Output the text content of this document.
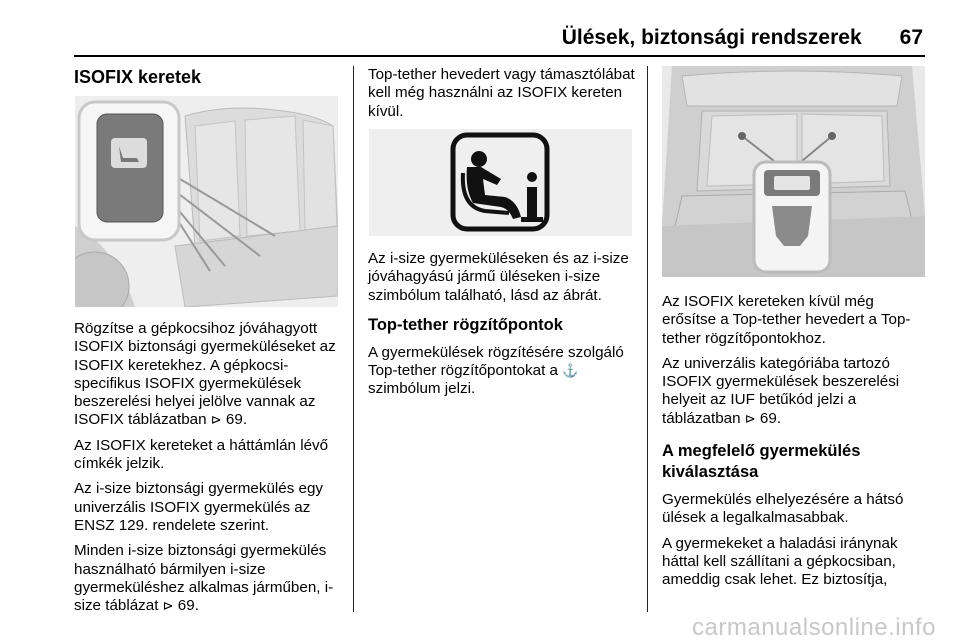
Ülések, biztonsági rendszerek 67
ISOFIX keretek

Rögzítse a gépkocsihoz jóváhagyott ISOFIX biztonsági gyermeküléseket az ISOFIX keretekhez. A gépkocsi-specifikus ISOFIX gyermekülések beszerelési helyei jelölve vannak az ISOFIX táblázatban ⊳ 69.

Az ISOFIX kereteket a háttámlán lévő címkék jelzik.

Az i-size biztonsági gyermekülés egy univerzális ISOFIX gyermekülés az ENSZ 129. rendelete szerint.

Minden i-size biztonsági gyermekülés használható bármilyen i-size gyermeküléshez alkalmas járműben, i-size táblázat ⊳ 69.

Top-tether hevedert vagy támasztólábat kell még használni az ISOFIX kereten kívül.

Az i-size gyermeküléseken és az i-size jóváhagyású jármű üléseken i-size szimbólum található, lásd az ábrát.

Top-tether rögzítőpontok

A gyermekülések rögzítésére szolgáló Top-tether rögzítőpontokat a ⚓ szimbólum jelzi.

Az ISOFIX kereteken kívül még erősítse a Top-tether hevedert a Top-tether rögzítőpontokhoz.

Az univerzális kategóriába tartozó ISOFIX gyermekülések beszerelési helyeit az IUF betűkód jelzi a táblázatban ⊳ 69.

A megfelelő gyermekülés kiválasztása

Gyermekülés elhelyezésére a hátsó ülések a legalkalmasabbak.

A gyermekeket a haladási iránynak háttal kell szállítani a gépkocsiban, ameddig csak lehet. Ez biztosítja,

carmanualsonline.info
